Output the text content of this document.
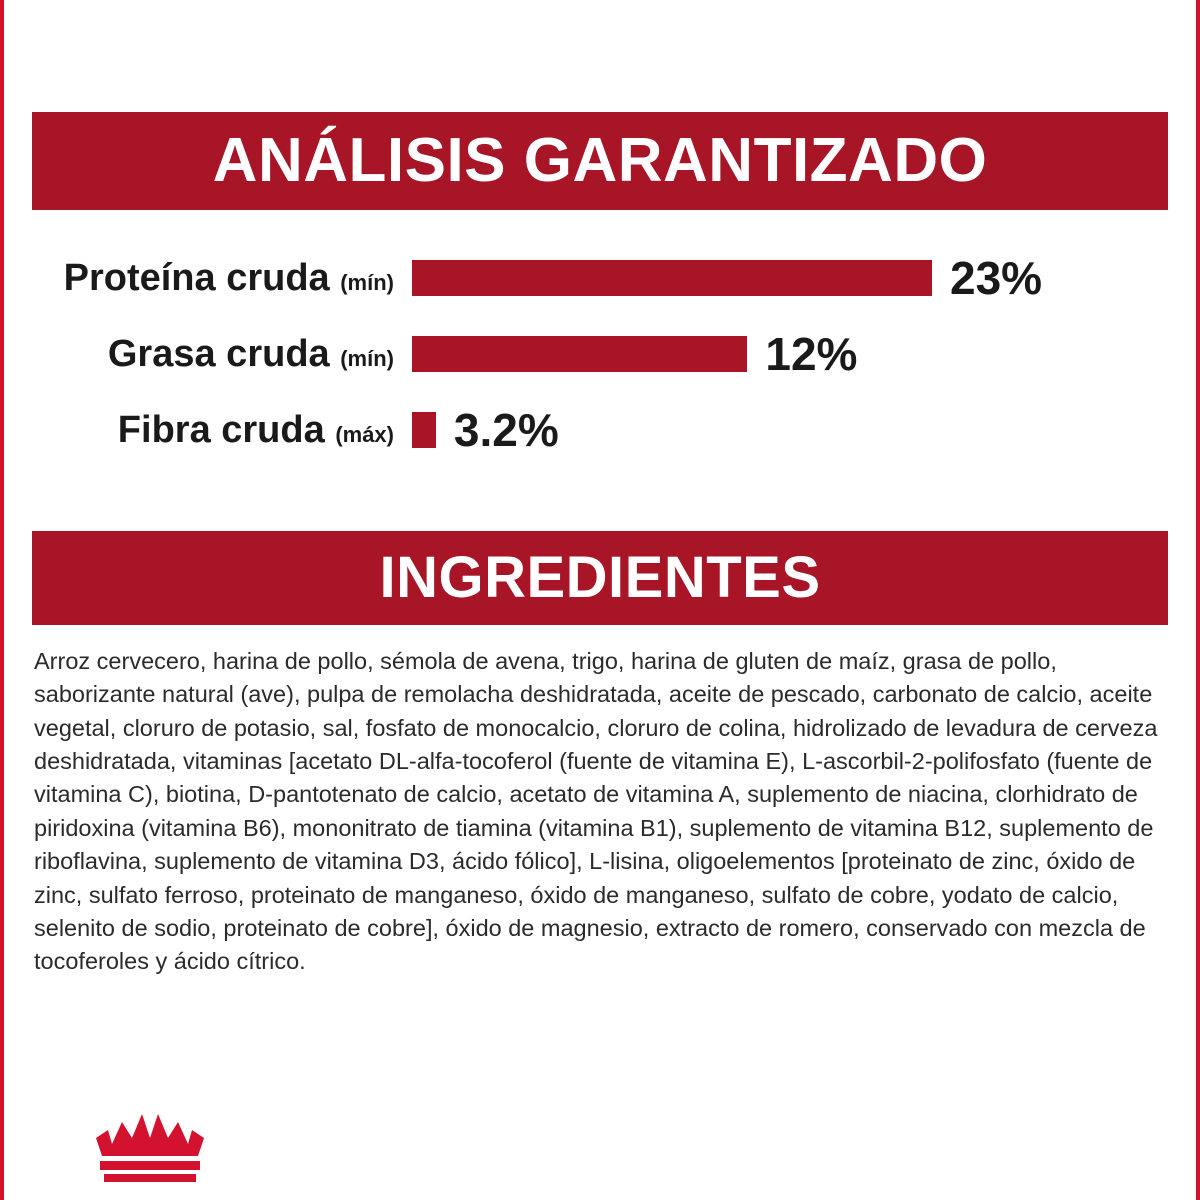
ANÁLISIS GARANTIZADO
Proteína cruda (mín)	23%
Grasa cruda (mín)	12%
Fibra cruda (máx)	3.2%
INGREDIENTES
Arroz cervecero, harina de pollo, sémola de avena, trigo, harina de gluten de maíz, grasa de pollo, saborizante natural (ave), pulpa de remolacha deshidratada, aceite de pescado, carbonato de calcio, aceite vegetal, cloruro de potasio, sal, fosfato de monocalcio, cloruro de colina, hidrolizado de levadura de cerveza deshidratada, vitaminas [acetato DL-alfa-tocoferol (fuente de vitamina E), L-ascorbil-2-polifosfato (fuente de vitamina C), biotina, D-pantotenato de calcio, acetato de vitamina A, suplemento de niacina, clorhidrato de piridoxina (vitamina B6), mononitrato de tiamina (vitamina B1), suplemento de vitamina B12, suplemento de riboflavina, suplemento de vitamina D3, ácido fólico], L-lisina, oligoelementos [proteinato de zinc, óxido de zinc, sulfato ferroso, proteinato de manganeso, óxido de manganeso, sulfato de cobre, yodato de calcio, selenito de sodio, proteinato de cobre], óxido de magnesio, extracto de romero, conservado con mezcla de tocoferoles y ácido cítrico.
